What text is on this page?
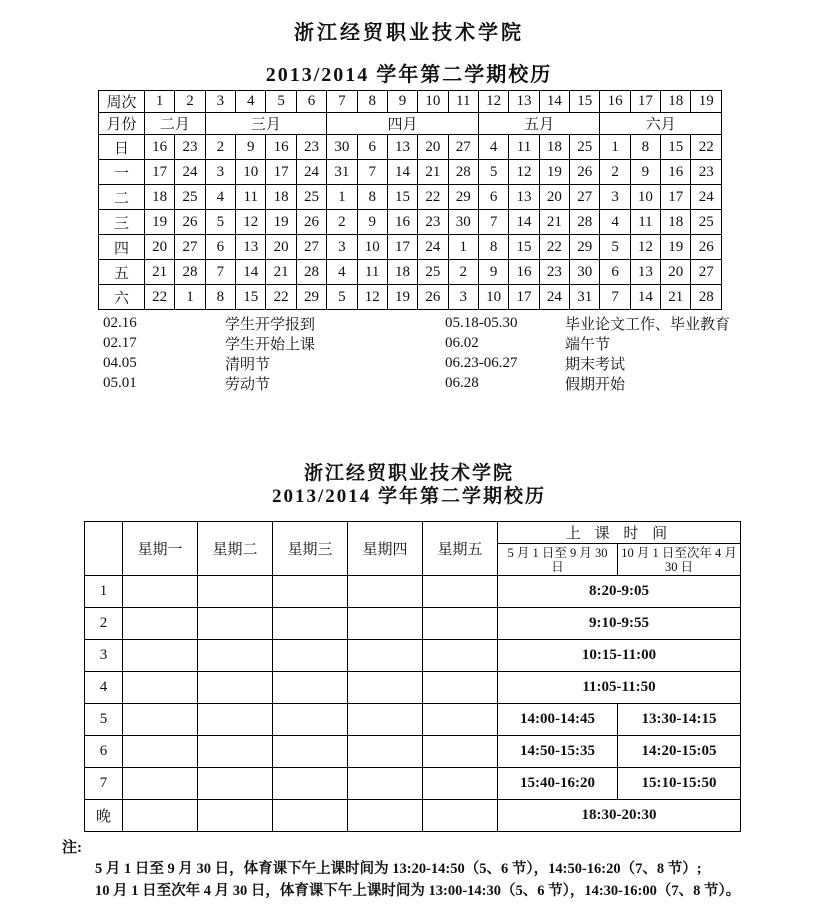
浙江经贸职业技术学院
2013/2014 学年第二学期校历
周次	1	2	3	4	5	6	7	8	9	10	11	12	13	14	15	16	17	18	19
月份	二月		三月				四月					五月				六月			
日	16	23	2	9	16	23	30	6	13	20	27	4	11	18	25	1	8	15	22
一	17	24	3	10	17	24	31	7	14	21	28	5	12	19	26	2	9	16	23
二	18	25	4	11	18	25	1	8	15	22	29	6	13	20	27	3	10	17	24
三	19	26	5	12	19	26	2	9	16	23	30	7	14	21	28	4	11	18	25
四	20	27	6	13	20	27	3	10	17	24	1	8	15	22	29	5	12	19	26
五	21	28	7	14	21	28	4	11	18	25	2	9	16	23	30	6	13	20	27
六	22	1	8	15	22	29	5	12	19	26	3	10	17	24	31	7	14	21	28
02.16	学生开学报到	05.18-05.30	毕业论文工作、毕业教育
02.17	学生开始上课	06.02	端午节
04.05	清明节	06.23-06.27	期末考试
05.01	劳动节	06.28	假期开始
浙江经贸职业技术学院
2013/2014 学年第二学期校历
	星期一	星期二	星期三	星期四	星期五	上 课 时 间	
						5 月 1 日至 9 月 30 日	10 月 1 日至次年 4 月 30 日
1						8:20-9:05	
2						9:10-9:55	
3						10:15-11:00	
4						11:05-11:50	
5						14:00-14:45	13:30-14:15
6						14:50-15:35	14:20-15:05
7						15:40-16:20	15:10-15:50
晚						18:30-20:30	
注:
5 月 1 日至 9 月 30 日，体育课下午上课时间为 13:20-14:50（5、6 节），14:50-16:20（7、8 节）;
10 月 1 日至次年 4 月 30 日，体育课下午上课时间为 13:00-14:30（5、6 节），14:30-16:00（7、8 节）。
